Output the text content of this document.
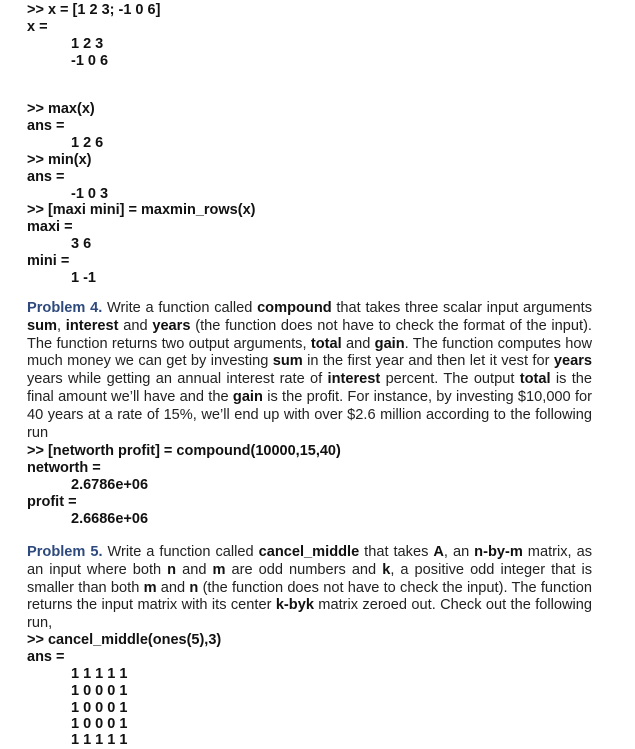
>> x = [1 2 3; -1 0 6]
x =
1 2 3
-1 0 6
>> max(x)
ans =
1 2 6
>> min(x)
ans =
-1 0 3
>> [maxi mini] = maxmin_rows(x)
maxi =
3 6
mini =
1 -1
Problem 4. Write a function called compound that takes three scalar input arguments sum, interest and years (the function does not have to check the format of the input). The function returns two output arguments, total and gain. The function computes how much money we can get by investing sum in the first year and then let it vest for years years while getting an annual interest rate of interest percent. The output total is the final amount we’ll have and the gain is the profit. For instance, by investing $10,000 for 40 years at a rate of 15%, we’ll end up with over $2.6 million according to the following run
>> [networth profit] = compound(10000,15,40)
networth =
2.6786e+06
profit =
2.6686e+06
Problem 5. Write a function called cancel_middle that takes A, an n-by-m matrix, as an input where both n and m are odd numbers and k, a positive odd integer that is smaller than both m and n (the function does not have to check the input). The function returns the input matrix with its center k-byk matrix zeroed out. Check out the following run,
>> cancel_middle(ones(5),3)
ans =
1 1 1 1 1
1 0 0 0 1
1 0 0 0 1
1 0 0 0 1
1 1 1 1 1
